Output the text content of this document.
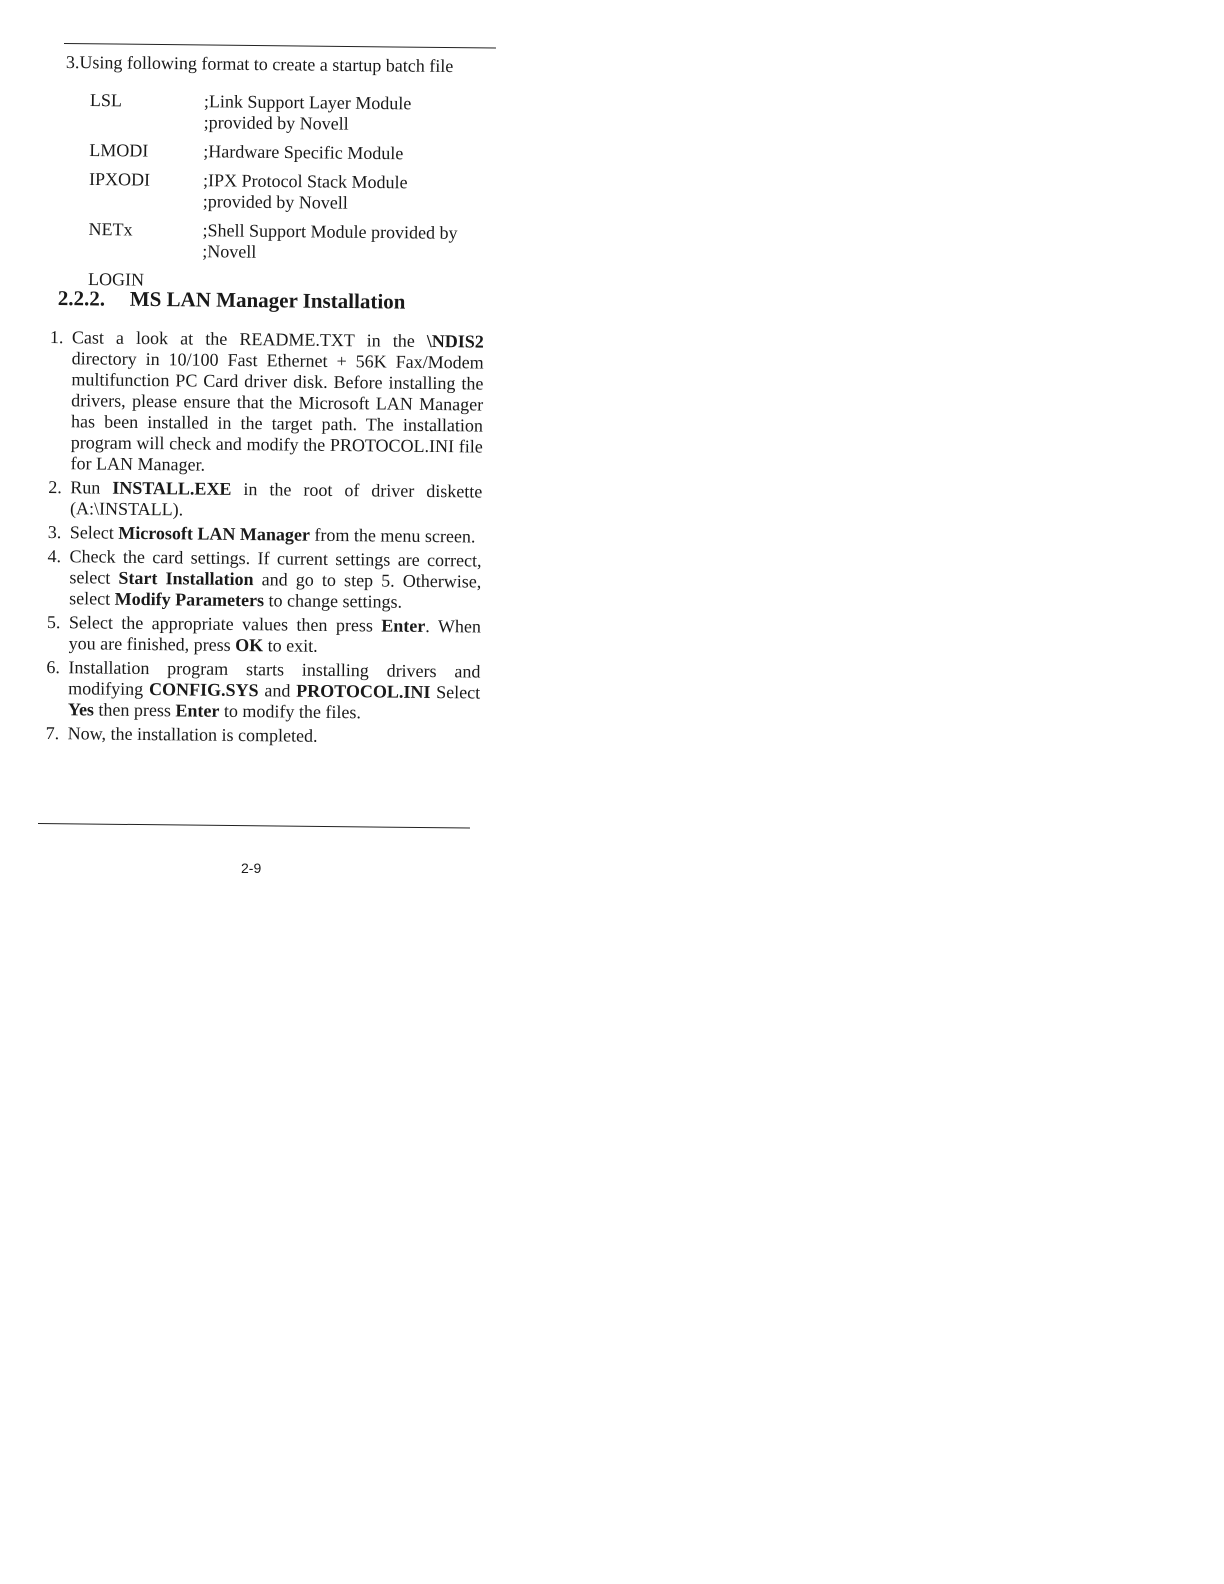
3.Using following format to create a startup batch file
LSL	;Link Support Layer Module
;provided by Novell
LMODI	;Hardware Specific Module
IPXODI	;IPX Protocol Stack Module
;provided by Novell
NETx	;Shell Support Module provided by
;Novell
LOGIN
2.2.2. MS LAN Manager Installation
1. Cast a look at the README.TXT in the \NDIS2 directory in 10/100 Fast Ethernet + 56K Fax/Modem multifunction PC Card driver disk. Before installing the drivers, please ensure that the Microsoft LAN Manager has been installed in the target path. The installation program will check and modify the PROTOCOL.INI file for LAN Manager.
2. Run INSTALL.EXE in the root of driver diskette (A:\INSTALL).
3. Select Microsoft LAN Manager from the menu screen.
4. Check the card settings. If current settings are correct, select Start Installation and go to step 5. Otherwise, select Modify Parameters to change settings.
5. Select the appropriate values then press Enter. When you are finished, press OK to exit.
6. Installation program starts installing drivers and modifying CONFIG.SYS and PROTOCOL.INI Select Yes then press Enter to modify the files.
7. Now, the installation is completed.
2-9
